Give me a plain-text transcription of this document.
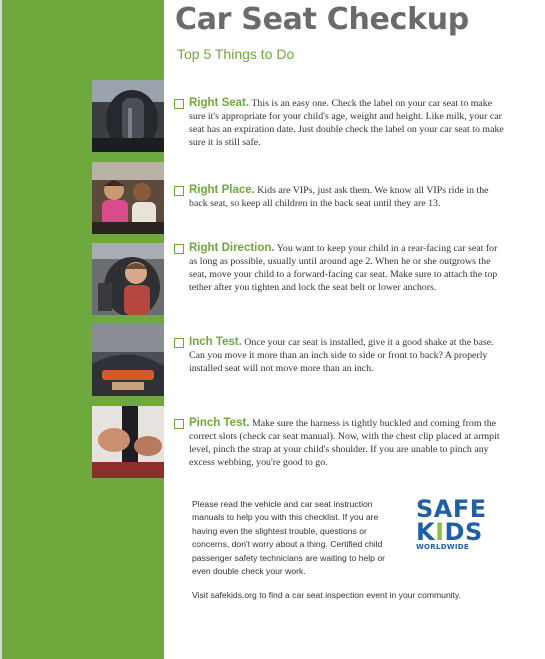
Car Seat Checkup
Top 5 Things to Do
Right Seat. This is an easy one. Check the label on your car seat to make sure it's appropriate for your child's age, weight and height. Like milk, your car seat has an expiration date. Just double check the label on your car seat to make sure it is still safe.
Right Place. Kids are VIPs, just ask them. We know all VIPs ride in the back seat, so keep all children in the back seat until they are 13.
Right Direction. You want to keep your child in a rear-facing car seat for as long as possible, usually until around age 2. When he or she outgrows the seat, move your child to a forward-facing car seat. Make sure to attach the top tether after you tighten and lock the seat belt or lower anchors.
Inch Test. Once your car seat is installed, give it a good shake at the base. Can you move it more than an inch side to side or front to back? A properly installed seat will not move more than an inch.
Pinch Test. Make sure the harness is tightly buckled and coming from the correct slots (check car seat manual). Now, with the chest clip placed at armpit level, pinch the strap at your child's shoulder. If you are unable to pinch any excess webbing, you're good to go.
Please read the vehicle and car seat instruction manuals to help you with this checklist. If you are having even the slightest trouble, questions or concerns, don't worry about a thing. Certified child passenger safety technicians are waiting to help or even double check your work.
Visit safekids.org to find a car seat inspection event in your community.
SAFE
KIDS
WORLDWIDE
